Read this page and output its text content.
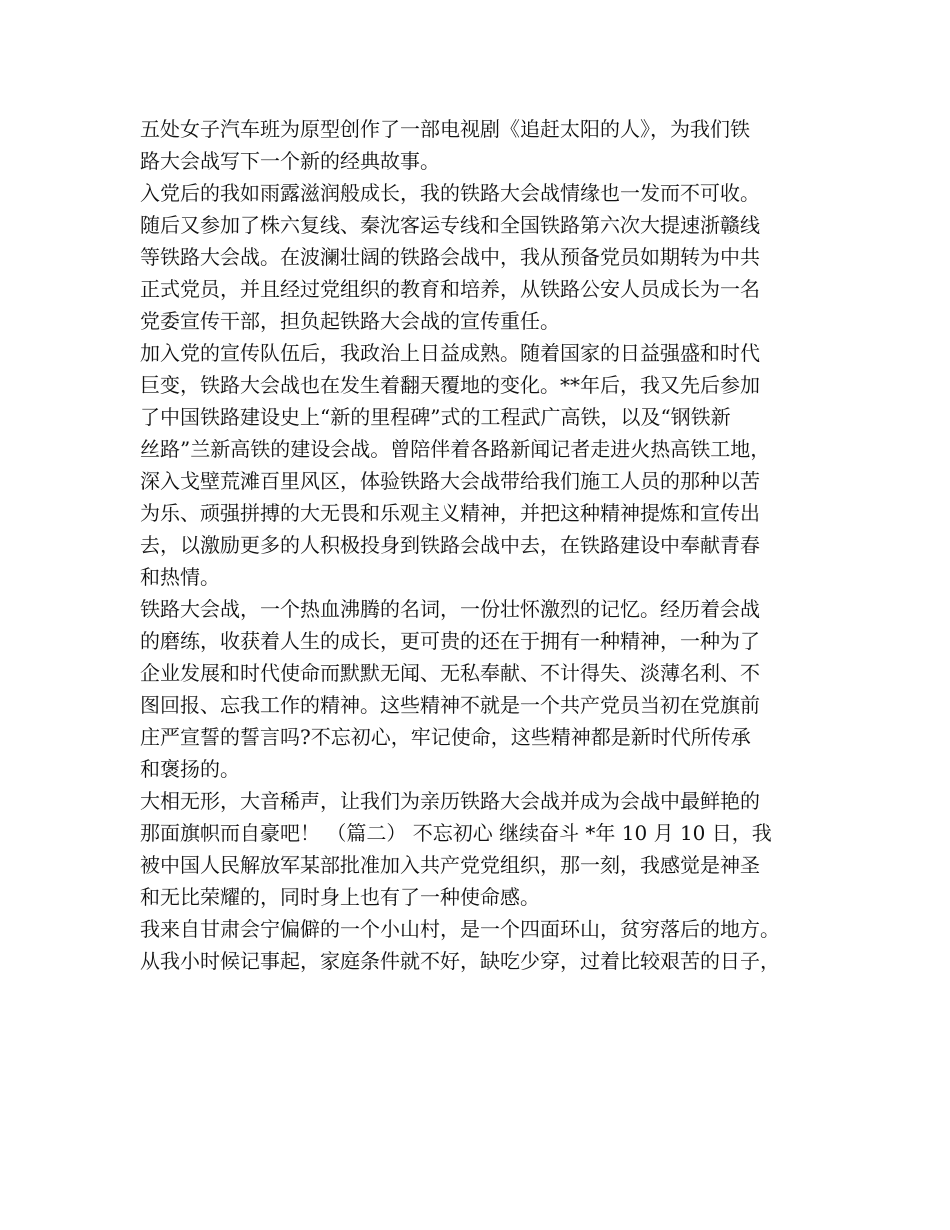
五处女子汽车班为原型创作了一部电视剧《追赶太阳的人》，为我们铁
路大会战写下一个新的经典故事。
入党后的我如雨露滋润般成长，我的铁路大会战情缘也一发而不可收。
随后又参加了株六复线、秦沈客运专线和全国铁路第六次大提速浙赣线
等铁路大会战。在波澜壮阔的铁路会战中，我从预备党员如期转为中共
正式党员，并且经过党组织的教育和培养，从铁路公安人员成长为一名
党委宣传干部，担负起铁路大会战的宣传重任。
加入党的宣传队伍后，我政治上日益成熟。随着国家的日益强盛和时代
巨变，铁路大会战也在发生着翻天覆地的变化。**年后，我又先后参加
了中国铁路建设史上“新的里程碑”式的工程武广高铁，以及“钢铁新
丝路”兰新高铁的建设会战。曾陪伴着各路新闻记者走进火热高铁工地，
深入戈壁荒滩百里风区，体验铁路大会战带给我们施工人员的那种以苦
为乐、顽强拼搏的大无畏和乐观主义精神，并把这种精神提炼和宣传出
去，以激励更多的人积极投身到铁路会战中去，在铁路建设中奉献青春
和热情。
铁路大会战，一个热血沸腾的名词，一份壮怀激烈的记忆。经历着会战
的磨练，收获着人生的成长，更可贵的还在于拥有一种精神，一种为了
企业发展和时代使命而默默无闻、无私奉献、不计得失、淡薄名利、不
图回报、忘我工作的精神。这些精神不就是一个共产党员当初在党旗前
庄严宣誓的誓言吗?不忘初心，牢记使命，这些精神都是新时代所传承
和褒扬的。
大相无形，大音稀声，让我们为亲历铁路大会战并成为会战中最鲜艳的
那面旗帜而自豪吧！ （篇二） 不忘初心 继续奋斗 *年 10 月 10 日，我
被中国人民解放军某部批准加入共产党党组织，那一刻，我感觉是神圣
和无比荣耀的，同时身上也有了一种使命感。
我来自甘肃会宁偏僻的一个小山村，是一个四面环山，贫穷落后的地方。
从我小时候记事起，家庭条件就不好，缺吃少穿，过着比较艰苦的日子，
